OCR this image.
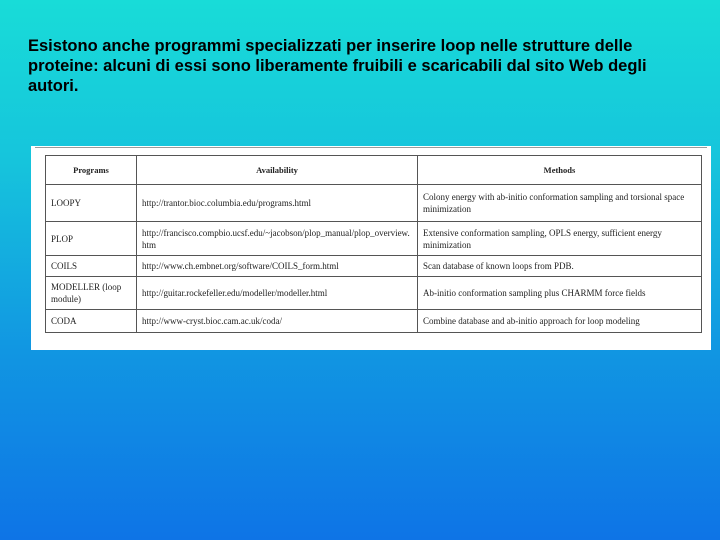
Esistono anche programmi specializzati per inserire loop nelle strutture delle proteine: alcuni di essi sono liberamente fruibili e scaricabili dal sito Web degli autori.
Programs	Availability	Methods
LOOPY	http://trantor.bioc.columbia.edu/programs.html	Colony energy with ab-initio conformation sampling and torsional space minimization
PLOP	http://francisco.compbio.ucsf.edu/~jacobson/plop_manual/plop_overview.htm	Extensive conformation sampling, OPLS energy, sufficient energy minimization
COILS	http://www.ch.embnet.org/software/COILS_form.html	Scan database of known loops from PDB.
MODELLER (loop module)	http://guitar.rockefeller.edu/modeller/modeller.html	Ab-initio conformation sampling plus CHARMM force fields
CODA	http://www-cryst.bioc.cam.ac.uk/coda/	Combine database and ab-initio approach for loop modeling
